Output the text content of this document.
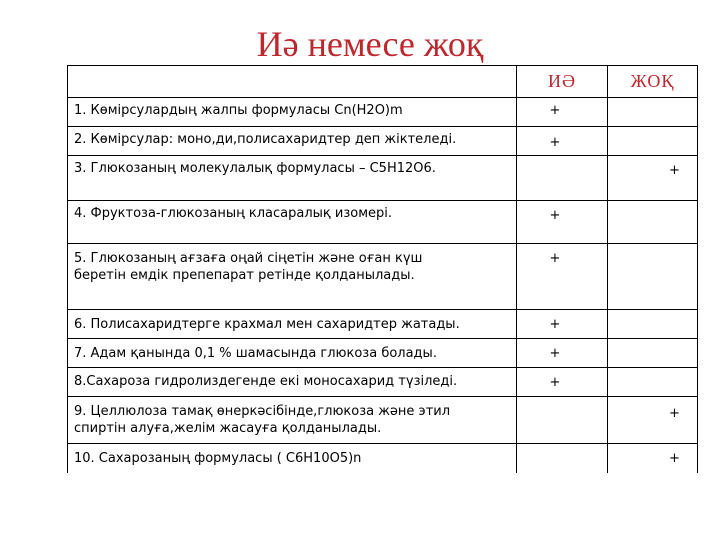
Иә немесе жоқ
	ИӘ	ЖОҚ
1. Көмірсулардың жалпы формуласы Сn(H2O)m	+	
2. Көмірсулар: моно,ди,полисахаридтер деп жіктеледі.	+	
3. Глюкозаның молекулалық формуласы – С5Н12О6.		+
4. Фруктоза-глюкозаның класаралық изомері.	+	
5. Глюкозаның ағзаға оңай сіңетін және оған күш беретін емдік препепарат ретінде қолданылады.	+	
6. Полисахаридтерге крахмал мен сахаридтер жатады.	+	
7. Адам қанында 0,1 % шамасында глюкоза болады.	+	
8.Сахароза гидролиздегенде екі моносахарид түзіледі.	+	
9. Целлюлоза тамақ өнеркәсібінде,глюкоза және этил спиртін алуға,желім жасауға қолданылады.		+
10. Сахарозаның формуласы ( С6Н10О5)n		+
